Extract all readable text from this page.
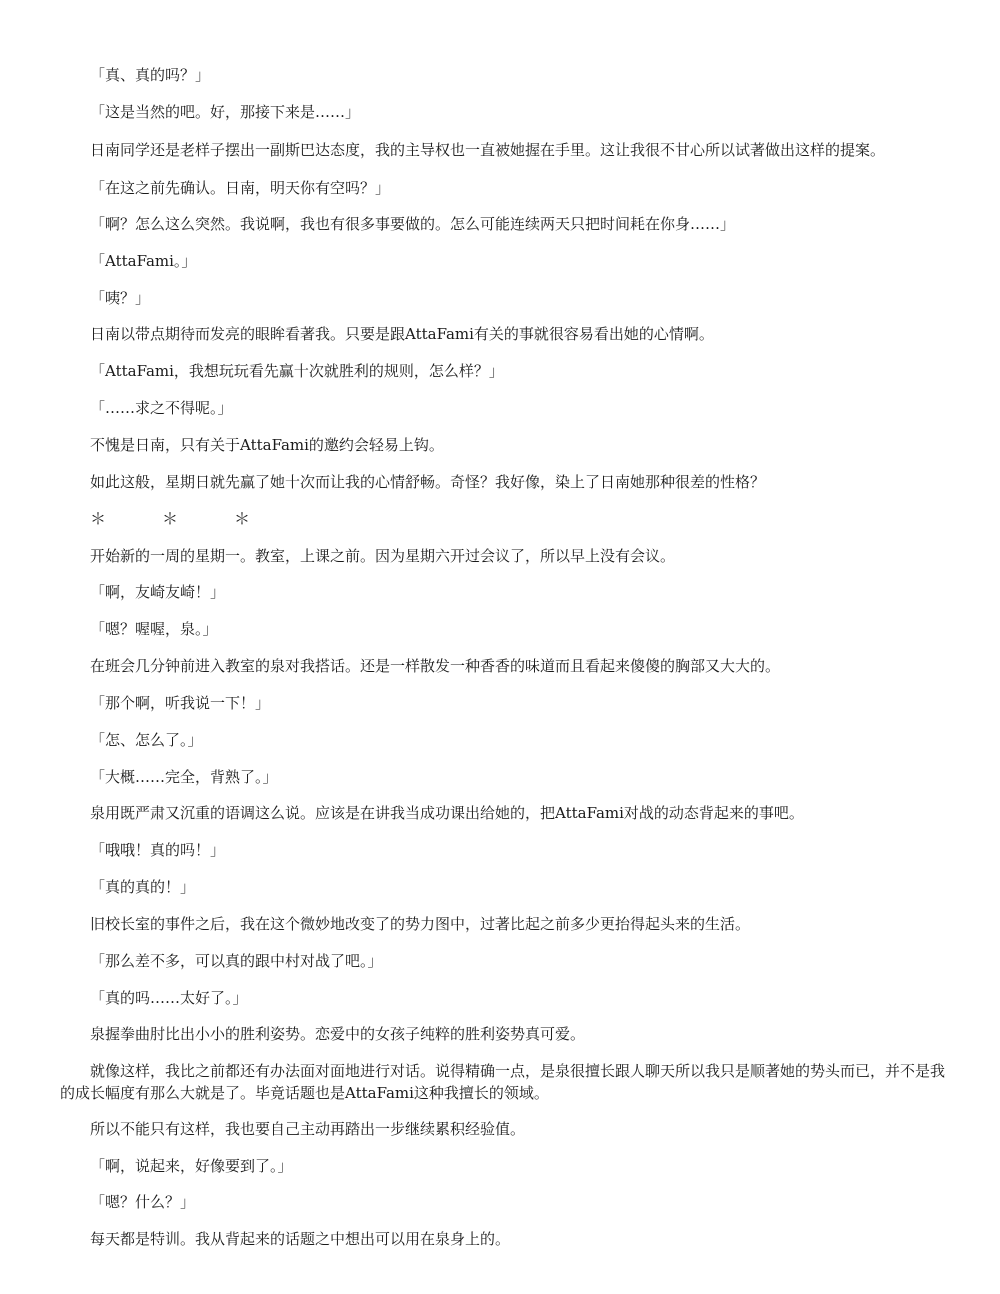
「真、真的吗？」

「这是当然的吧。好，那接下来是……」

日南同学还是老样子摆出一副斯巴达态度，我的主导权也一直被她握在手里。这让我很不甘心所以试著做出这样的提案。

「在这之前先确认。日南，明天你有空吗？」

「啊？怎么这么突然。我说啊，我也有很多事要做的。怎么可能连续两天只把时间耗在你身……」

「AttaFami。」

「咦？」

日南以带点期待而发亮的眼眸看著我。只要是跟AttaFami有关的事就很容易看出她的心情啊。

「AttaFami，我想玩玩看先赢十次就胜利的规则，怎么样？」

「……求之不得呢。」

不愧是日南，只有关于AttaFami的邀约会轻易上钩。

如此这般，星期日就先赢了她十次而让我的心情舒畅。奇怪？我好像，染上了日南她那种很差的性格？

＊　＊　＊

开始新的一周的星期一。教室，上课之前。因为星期六开过会议了，所以早上没有会议。

「啊，友崎友崎！」

「嗯？喔喔，泉。」

在班会几分钟前进入教室的泉对我搭话。还是一样散发一种香香的味道而且看起来傻傻的胸部又大大的。

「那个啊，听我说一下！」

「怎、怎么了。」

「大概……完全，背熟了。」

泉用既严肃又沉重的语调这么说。应该是在讲我当成功课出给她的，把AttaFami对战的动态背起来的事吧。

「哦哦！真的吗！」

「真的真的！」

旧校长室的事件之后，我在这个微妙地改变了的势力图中，过著比起之前多少更抬得起头来的生活。

「那么差不多，可以真的跟中村对战了吧。」

「真的吗……太好了。」

泉握拳曲肘比出小小的胜利姿势。恋爱中的女孩子纯粹的胜利姿势真可爱。

就像这样，我比之前都还有办法面对面地进行对话。说得精确一点，是泉很擅长跟人聊天所以我只是顺著她的势头而已，并不是我的成长幅度有那么大就是了。毕竟话题也是AttaFami这种我擅长的领域。

所以不能只有这样，我也要自己主动再踏出一步继续累积经验值。

「啊，说起来，好像要到了。」

「嗯？什么？」

每天都是特训。我从背起来的话题之中想出可以用在泉身上的。
